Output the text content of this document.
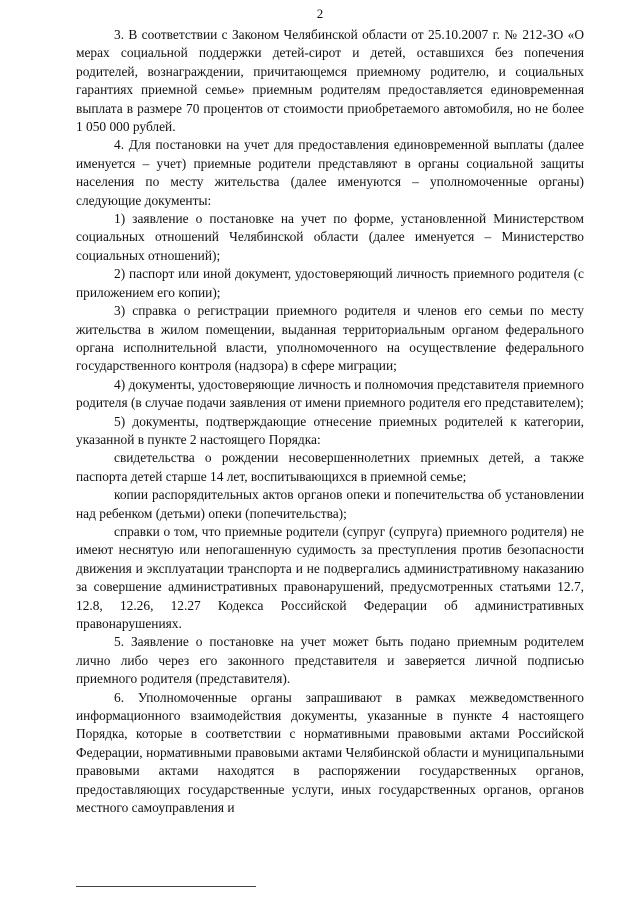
2

3. В соответствии с Законом Челябинской области от 25.10.2007 г. № 212-ЗО «О мерах социальной поддержки детей-сирот и детей, оставшихся без попечения родителей, вознаграждении, причитающемся приемному родителю, и социальных гарантиях приемной семье» приемным родителям предоставляется единовременная выплата в размере 70 процентов от стоимости приобретаемого автомобиля, но не более 1 050 000 рублей.

4. Для постановки на учет для предоставления единовременной выплаты (далее именуется – учет) приемные родители представляют в органы социальной защиты населения по месту жительства (далее именуются – уполномоченные органы) следующие документы:

1) заявление о постановке на учет по форме, установленной Министерством социальных отношений Челябинской области (далее именуется – Министерство социальных отношений);

2) паспорт или иной документ, удостоверяющий личность приемного родителя (с приложением его копии);

3) справка о регистрации приемного родителя и членов его семьи по месту жительства в жилом помещении, выданная территориальным органом федерального органа исполнительной власти, уполномоченного на осуществление федерального государственного контроля (надзора) в сфере миграции;

4) документы, удостоверяющие личность и полномочия представителя приемного родителя (в случае подачи заявления от имени приемного родителя его представителем);

5) документы, подтверждающие отнесение приемных родителей к категории, указанной в пункте 2 настоящего Порядка:

свидетельства о рождении несовершеннолетних приемных детей, а также паспорта детей старше 14 лет, воспитывающихся в приемной семье;

копии распорядительных актов органов опеки и попечительства об установлении над ребенком (детьми) опеки (попечительства);

справки о том, что приемные родители (супруг (супруга) приемного родителя) не имеют неснятую или непогашенную судимость за преступления против безопасности движения и эксплуатации транспорта и не подвергались административному наказанию за совершение административных правонарушений, предусмотренных статьями 12.7, 12.8, 12.26, 12.27 Кодекса Российской Федерации об административных правонарушениях.

5. Заявление о постановке на учет может быть подано приемным родителем лично либо через его законного представителя и заверяется личной подписью приемного родителя (представителя).

6. Уполномоченные органы запрашивают в рамках межведомственного информационного взаимодействия документы, указанные в пункте 4 настоящего Порядка, которые в соответствии с нормативными правовыми актами Российской Федерации, нормативными правовыми актами Челябинской области и муниципальными правовыми актами находятся в распоряжении государственных органов, предоставляющих государственные услуги, иных государственных органов, органов местного самоуправления и
